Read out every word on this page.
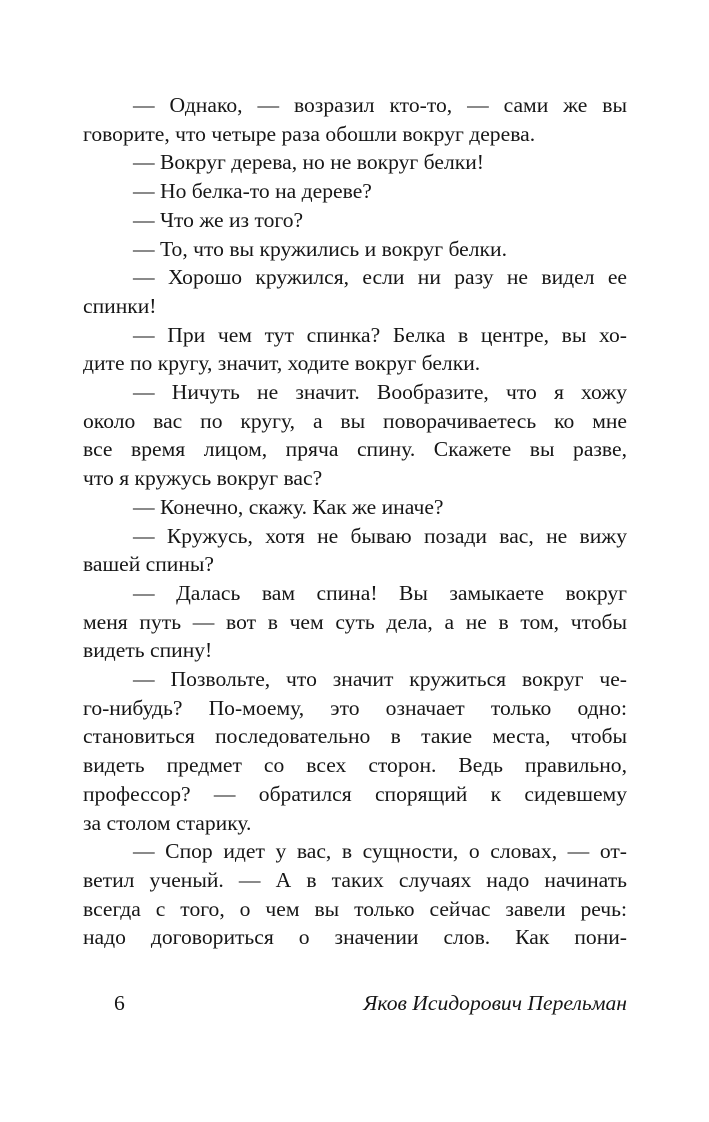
— Однако, — возразил кто-то, — сами же вы
говорите, что четыре раза обошли вокруг дерева.
— Вокруг дерева, но не вокруг белки!
— Но белка-то на дереве?
— Что же из того?
— То, что вы кружились и вокруг белки.
— Хорошо кружился, если ни разу не видел ее
спинки!
— При чем тут спинка? Белка в центре, вы хо-
дите по кругу, значит, ходите вокруг белки.
— Ничуть не значит. Вообразите, что я хожу
около вас по кругу, а вы поворачиваетесь ко мне
все время лицом, пряча спину. Скажете вы разве,
что я кружусь вокруг вас?
— Конечно, скажу. Как же иначе?
— Кружусь, хотя не бываю позади вас, не вижу
вашей спины?
— Далась вам спина! Вы замыкаете вокруг
меня путь — вот в чем суть дела, а не в том, чтобы
видеть спину!
— Позвольте, что значит кружиться вокруг че-
го-нибудь? По-моему, это означает только одно:
становиться последовательно в такие места, чтобы
видеть предмет со всех сторон. Ведь правильно,
профессор? — обратился спорящий к сидевшему
за столом старику.
— Спор идет у вас, в сущности, о словах, — от-
ветил ученый. — А в таких случаях надо начинать
всегда с того, о чем вы только сейчас завели речь:
надо договориться о значении слов. Как пони-
6	Яков Исидорович Перельман
